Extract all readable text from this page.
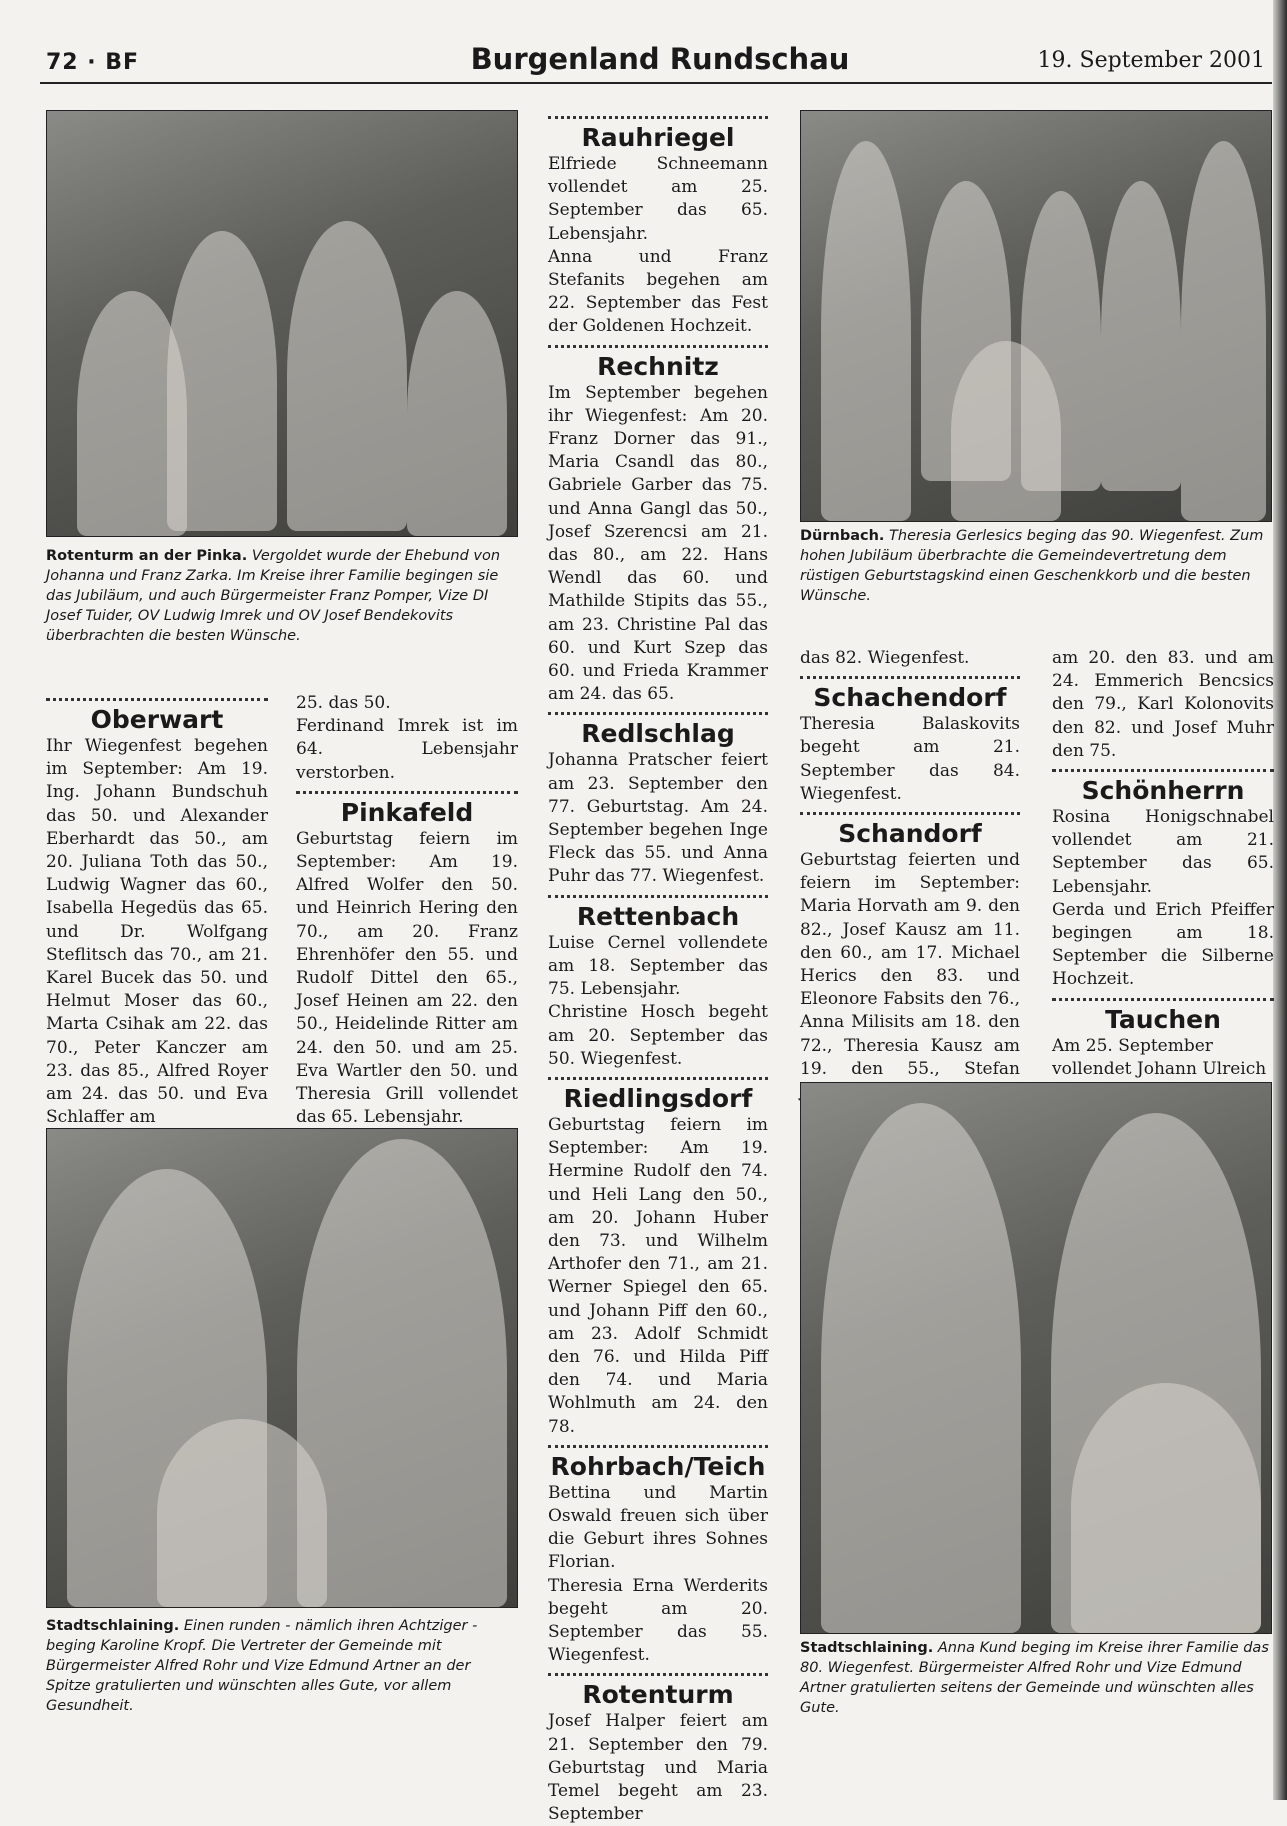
72 · BF	Burgenland Rundschau	19. September 2001
Rotenturm an der Pinka. Vergoldet wurde der Ehebund von Johanna und Franz Zarka. Im Kreise ihrer Familie begingen sie das Jubiläum, und auch Bürgermeister Franz Pomper, Vize DI Josef Tuider, OV Ludwig Imrek und OV Josef Bendekovits überbrachten die besten Wünsche.
Oberwart

Ihr Wiegenfest begehen im September: Am 19. Ing. Johann Bundschuh das 50. und Alexander Eberhardt das 50., am 20. Juliana Toth das 50., Ludwig Wagner das 60., Isabella Hegedüs das 65. und Dr. Wolfgang Steflitsch das 70., am 21. Karel Bucek das 50. und Helmut Moser das 60., Marta Csihak am 22. das 70., Peter Kanczer am 23. das 85., Alfred Royer am 24. das 50. und Eva Schlaffer am

25. das 50.

Ferdinand Imrek ist im 64. Lebensjahr verstorben.

Pinkafeld

Geburtstag feiern im September: Am 19. Alfred Wolfer den 50. und Heinrich Hering den 70., am 20. Franz Ehrenhöfer den 55. und Rudolf Dittel den 65., Josef Heinen am 22. den 50., Heidelinde Ritter am 24. den 50. und am 25. Eva Wartler den 50. und Theresia Grill vollendet das 65. Lebensjahr.

Stadtschlaining. Einen runden - nämlich ihren Achtziger - beging Karoline Kropf. Die Vertreter der Gemeinde mit Bürgermeister Alfred Rohr und Vize Edmund Artner an der Spitze gratulierten und wünschten alles Gute, vor allem Gesundheit.
Rauhriegel

Elfriede Schneemann vollendet am 25. September das 65. Lebensjahr.

Anna und Franz Stefanits begehen am 22. September das Fest der Goldenen Hochzeit.

Rechnitz

Im September begehen ihr Wiegenfest: Am 20. Franz Dorner das 91., Maria Csandl das 80., Gabriele Garber das 75. und Anna Gangl das 50., Josef Szerencsi am 21. das 80., am 22. Hans Wendl das 60. und Mathilde Stipits das 55., am 23. Christine Pal das 60. und Kurt Szep das 60. und Frieda Krammer am 24. das 65.

Redlschlag

Johanna Pratscher feiert am 23. September den 77. Geburtstag. Am 24. September begehen Inge Fleck das 55. und Anna Puhr das 77. Wiegenfest.

Rettenbach

Luise Cernel vollendete am 18. September das 75. Lebensjahr.

Christine Hosch begeht am 20. September das 50. Wiegenfest.

Riedlingsdorf

Geburtstag feiern im September: Am 19. Hermine Rudolf den 74. und Heli Lang den 50., am 20. Johann Huber den 73. und Wilhelm Arthofer den 71., am 21. Werner Spiegel den 65. und Johann Piff den 60., am 23. Adolf Schmidt den 76. und Hilda Piff den 74. und Maria Wohlmuth am 24. den 78.

Rohrbach/Teich

Bettina und Martin Oswald freuen sich über die Geburt ihres Sohnes Florian.

Theresia Erna Werderits begeht am 20. September das 55. Wiegenfest.

Rotenturm

Josef Halper feiert am 21. September den 79. Geburtstag und Maria Temel begeht am 23. September

Dürnbach. Theresia Gerlesics beging das 90. Wiegenfest. Zum hohen Jubiläum überbrachte die Gemeindevertretung dem rüstigen Geburtstagskind einen Geschenkkorb und die besten Wünsche.

das 82. Wiegenfest.

Schachendorf

Theresia Balaskovits begeht am 21. September das 84. Wiegenfest.

Schandorf

Geburtstag feierten und feiern im September: Maria Horvath am 9. den 82., Josef Kausz am 11. den 60., am 17. Michael Herics den 83. und Eleonore Fabsits den 76., Anna Milisits am 18. den 72., Theresia Kausz am 19. den 55., Stefan

am 20. den 83. und am 24. Emmerich Bencsics den 79., Karl Kolonovits den 82. und Josef Muhr den 75.

Schönherrn

Rosina Honigschnabel vollendet am 21. September das 65. Lebensjahr.

Gerda und Erich Pfeiffer begingen am 18. September die Silberne Hochzeit.

Tauchen

Am 25. September vollendet Johann Ulreich

Stadtschlaining. Anna Kund beging im Kreise ihrer Familie das 80. Wiegenfest. Bürgermeister Alfred Rohr und Vize Edmund Artner gratulierten seitens der Gemeinde und wünschten alles Gute.
